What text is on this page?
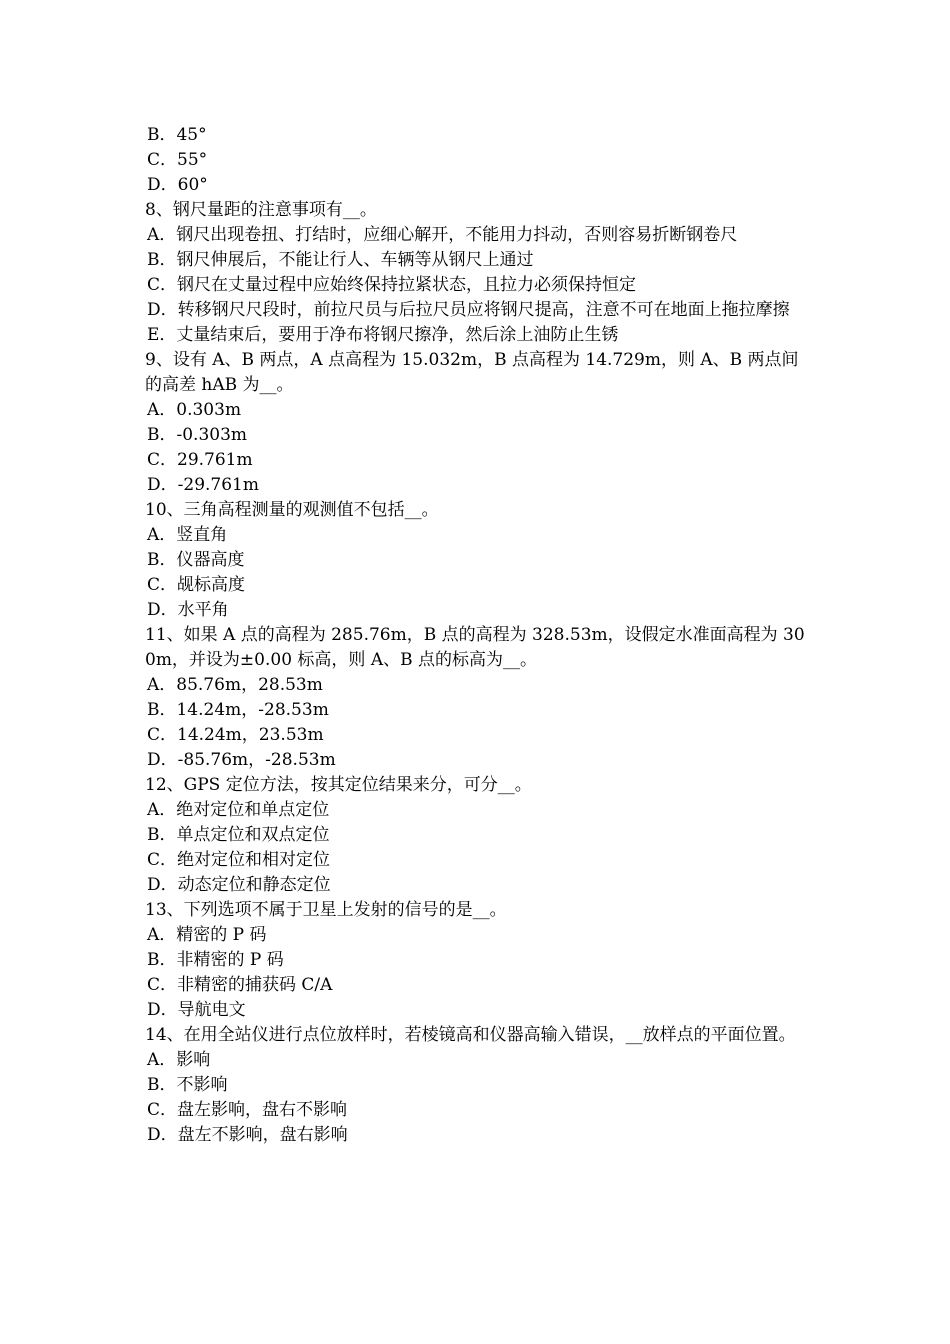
B．45°

C．55°

D．60°

8、钢尺量距的注意事项有__。

A．钢尺出现卷扭、打结时，应细心解开，不能用力抖动，否则容易折断钢卷尺

B．钢尺伸展后，不能让行人、车辆等从钢尺上通过

C．钢尺在丈量过程中应始终保持拉紧状态，且拉力必须保持恒定

D．转移钢尺尺段时，前拉尺员与后拉尺员应将钢尺提高，注意不可在地面上拖拉摩擦

E．丈量结束后，要用于净布将钢尺擦净，然后涂上油防止生锈

9、设有 A、B 两点，A 点高程为 15.032m，B 点高程为 14.729m，则 A、B 两点间的高差 hAB 为__。

A．0.303m

B．-0.303m

C．29.761m

D．-29.761m

10、三角高程测量的观测值不包括__。

A．竖直角

B．仪器高度

C．觇标高度

D．水平角

11、如果 A 点的高程为 285.76m，B 点的高程为 328.53m，设假定水准面高程为 300m，并设为±0.00 标高，则 A、B 点的标高为__。

A．85.76m，28.53m

B．14.24m，-28.53m

C．14.24m，23.53m

D．-85.76m，-28.53m

12、GPS 定位方法，按其定位结果来分，可分__。

A．绝对定位和单点定位

B．单点定位和双点定位

C．绝对定位和相对定位

D．动态定位和静态定位

13、下列选项不属于卫星上发射的信号的是__。

A．精密的 P 码

B．非精密的 P 码

C．非精密的捕获码 C/A

D．导航电文

14、在用全站仪进行点位放样时，若棱镜高和仪器高输入错误，__放样点的平面位置。

A．影响

B．不影响

C．盘左影响，盘右不影响

D．盘左不影响，盘右影响
